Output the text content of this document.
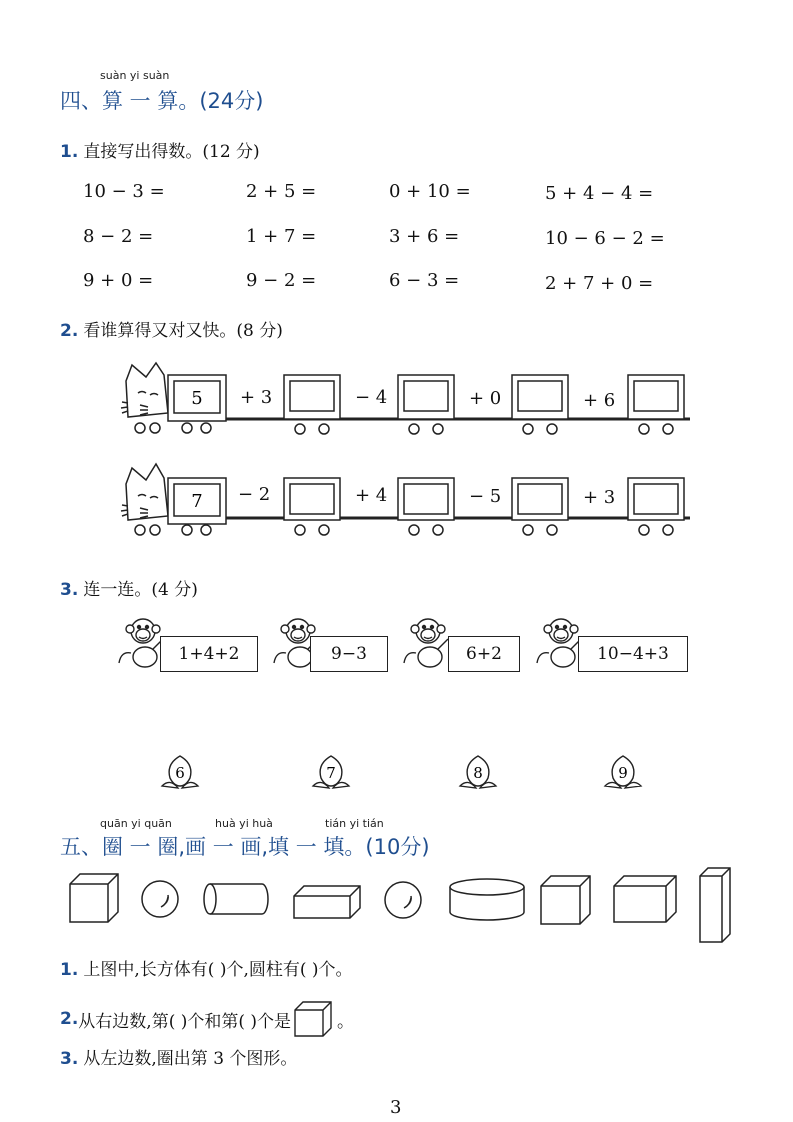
suàn yi suàn
四、算 一 算。(24分)
1. 直接写出得数。(12 分)
10 − 3 =	2 + 5 =	0 + 10 =	5 + 4 − 4 =
8 − 2 =	1 + 7 =	3 + 6 =	10 − 6 − 2 =
9 + 0 =	9 − 2 =	6 − 3 =	2 + 7 + 0 =
2. 看谁算得又对又快。(8 分)
5 + 3	− 4	+ 0	+ 6
7 − 2	+ 4	− 5	+ 3
3. 连一连。(4 分)
1+4+2	9−3	6+2	10−4+3
6	7	8	9
quān yi quān	huà yi huà	tián yi tián
五、圈 一 圈,画 一 画,填 一 填。(10分)
1. 上图中,长方体有( )个,圆柱有( )个。
2. 从右边数,第( )个和第( )个是	。
3. 从左边数,圈出第 3 个图形。
3
